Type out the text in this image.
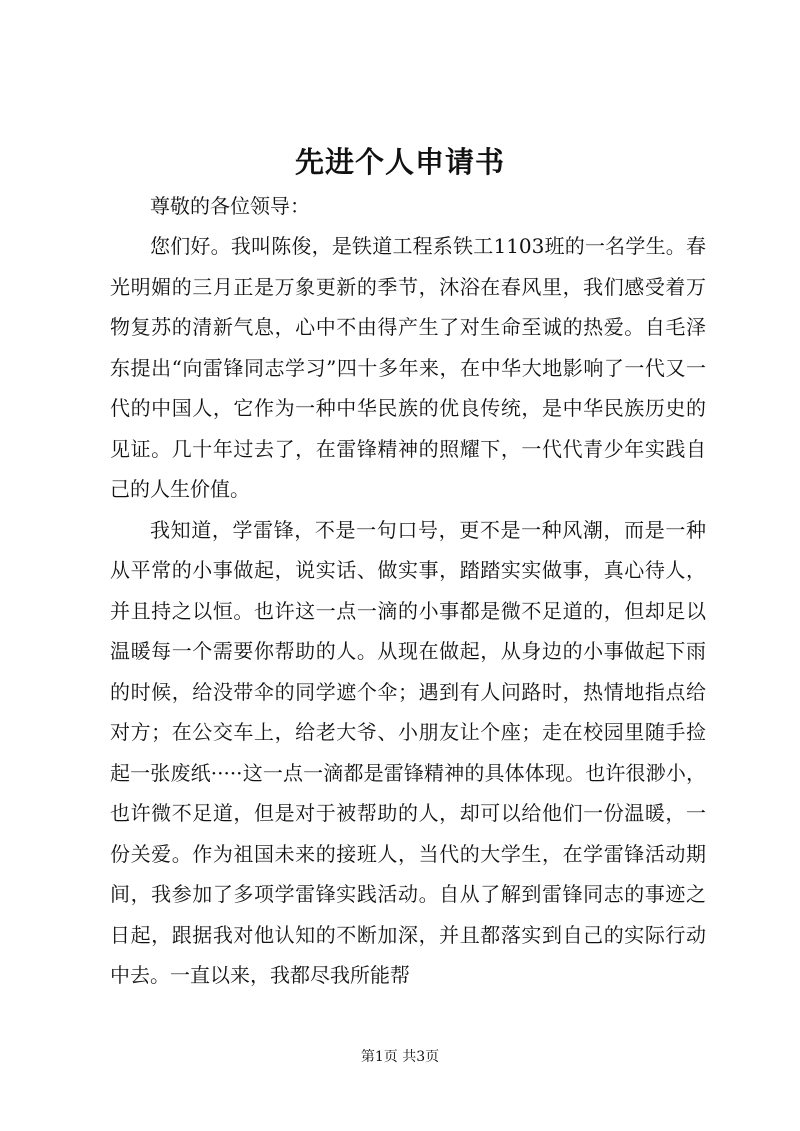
先进个人申请书

尊敬的各位领导：

您们好。我叫陈俊，是铁道工程系铁工1103班的一名学生。春光明媚的三月正是万象更新的季节，沐浴在春风里，我们感受着万物复苏的清新气息，心中不由得产生了对生命至诚的热爱。自毛泽东提出“向雷锋同志学习”四十多年来，在中华大地影响了一代又一代的中国人，它作为一种中华民族的优良传统，是中华民族历史的见证。几十年过去了，在雷锋精神的照耀下，一代代青少年实践自己的人生价值。

我知道，学雷锋，不是一句口号，更不是一种风潮，而是一种从平常的小事做起，说实话、做实事，踏踏实实做事，真心待人，并且持之以恒。也许这一点一滴的小事都是微不足道的，但却足以温暖每一个需要你帮助的人。从现在做起，从身边的小事做起下雨的时候，给没带伞的同学遮个伞；遇到有人问路时，热情地指点给对方；在公交车上，给老大爷、小朋友让个座；走在校园里随手捡起一张废纸·····这一点一滴都是雷锋精神的具体体现。也许很渺小，也许微不足道，但是对于被帮助的人，却可以给他们一份温暖，一份关爱。作为祖国未来的接班人，当代的大学生，在学雷锋活动期间，我参加了多项学雷锋实践活动。自从了解到雷锋同志的事迹之日起，跟据我对他认知的不断加深，并且都落实到自己的实际行动中去。一直以来，我都尽我所能帮

第1页 共3页
